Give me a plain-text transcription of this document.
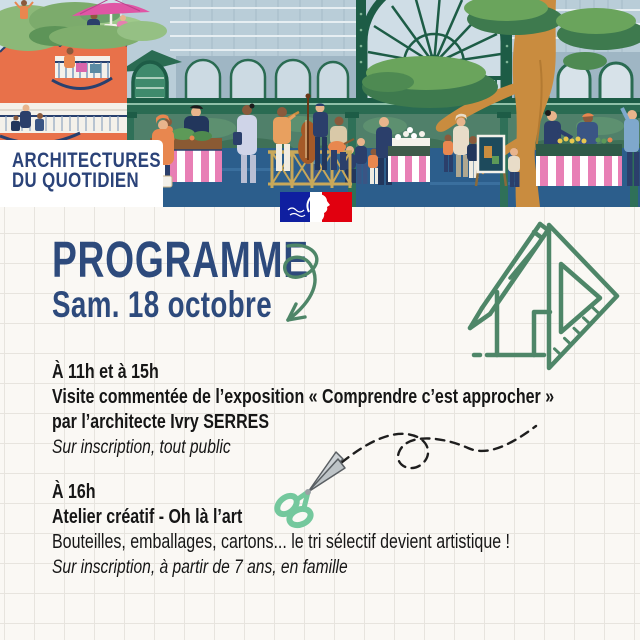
ARCHITECTURES
DU QUOTIDIEN
PROGRAMME
Sam. 18 octobre
À 11h et à 15h
Visite commentée de l’exposition « Comprendre c’est approcher »
par l’architecte Ivry SERRES
Sur inscription, tout public
À 16h
Atelier créatif - Oh là l’art
Bouteilles, emballages, cartons... le tri sélectif devient artistique !
Sur inscription, à partir de 7 ans, en famille
